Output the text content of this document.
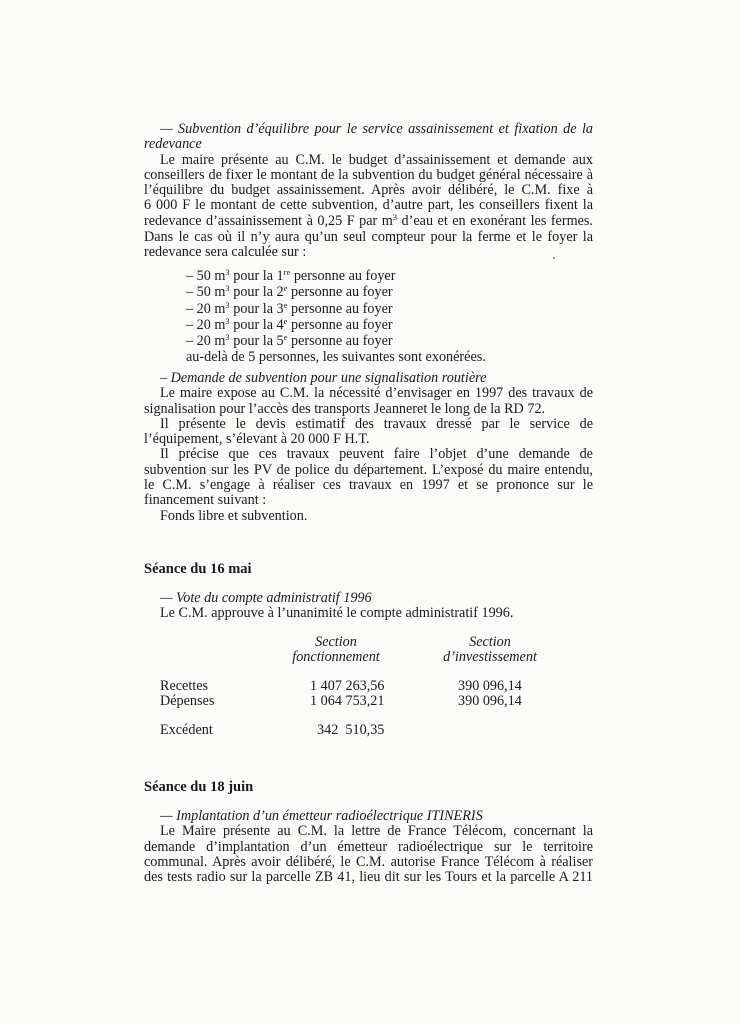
— Subvention d’équilibre pour le service assainissement et fixation de la
redevance
Le maire présente au C.M. le budget d’assainissement et demande aux
conseillers de fixer le montant de la subvention du budget général nécessaire à
l’équilibre du budget assainissement. Après avoir délibéré, le C.M. fixe à
6 000 F le montant de cette subvention, d’autre part, les conseillers fixent la
redevance d’assainissement à 0,25 F par $m^3$ d’eau et en exonérant les fermes.
Dans le cas où il n’y aura qu’un seul compteur pour la ferme et le foyer la
redevance sera calculée sur :
– 50 $m^3$ pour la 1re personne au foyer
– 50 $m^3$ pour la 2e personne au foyer
– 20 $m^3$ pour la 3e personne au foyer
– 20 $m^3$ pour la 4e personne au foyer
– 20 $m^3$ pour la 5e personne au foyer
au-delà de 5 personnes, les suivantes sont exonérées.
– Demande de subvention pour une signalisation routière
Le maire expose au C.M. la nécessité d’envisager en 1997 des travaux de
signalisation pour l’accès des transports Jeanneret le long de la RD 72.
Il présente le devis estimatif des travaux dressé par le service de
l’équipement, s’élevant à 20 000 F H.T.
Il précise que ces travaux peuvent faire l’objet d’une demande de
subvention sur les PV de police du département. L’exposé du maire entendu,
le C.M. s’engage à réaliser ces travaux en 1997 et se prononce sur le
financement suivant :
Fonds libre et subvention.
Séance du 16 mai
— Vote du compte administratif 1996
Le C.M. approuve à l’unanimité le compte administratif 1996.
Section
fonctionnement
Section
d’investissement
Recettes	1 407 263,56	390 096,14
Dépenses	1 064 753,21	390 096,14
Excédent	342  510,35
Séance du 18 juin
— Implantation d’un émetteur radioélectrique ITINERIS
Le Maire présente au C.M. la lettre de France Télécom, concernant la
demande d’implantation d’un émetteur radioélectrique sur le territoire
communal. Après avoir délibéré, le C.M. autorise France Télécom à réaliser
des tests radio sur la parcelle ZB 41, lieu dit sur les Tours et la parcelle A 211
